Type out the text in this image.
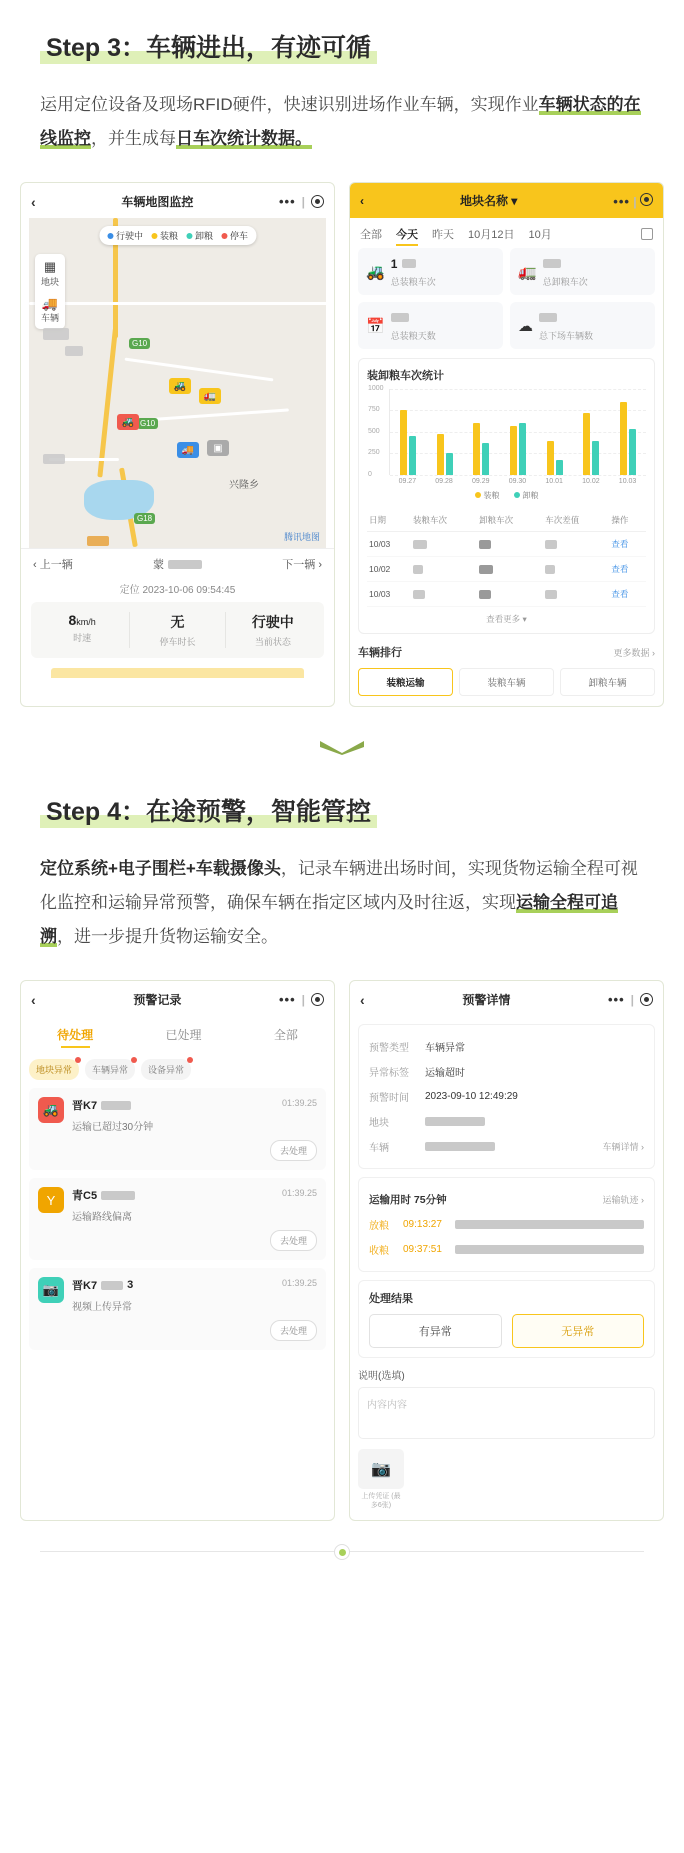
Step 3：车辆进出，有迹可循
运用定位设备及现场RFID硬件，快速识别进场作业车辆，实现作业车辆状态的在线监控，并生成每日车次统计数据。
‹	车辆地图监控	••• |
行驶中	装粮	卸粮	停车
▦
地块
🚚
车辆
G10
G10
G18
🚜
🚛
🚜
🚚	▣
兴隆乡
腾讯地图
‹ 上一辆	蒙	下一辆 ›
定位 2023-10-06 09:54:45
8km/h
时速
无
停车时长
行驶中
当前状态
‹	地块名称 ▾	••• |
全部 今天 昨天 10月12日 10月
🚜 1
总装粮车次
🚛
总卸粮车次
📅
总装粮天数
☁
总下场车辆数
装卸粮车次统计
1000
750
500
250
0
09.27	09.28	09.29	09.30	10.01	10.02	10.03
装粮	卸粮
日期	装粮车次	卸粮车次	车次差值	操作
10/03				查看
10/02				查看
10/03				查看
查看更多 ▾
车辆排行	更多数据 ›
装粮运输	装粮车辆	卸粮车辆
Step 4：在途预警，智能管控
定位系统+电子围栏+车载摄像头，记录车辆进出场时间，实现货物运输全程可视化监控和运输异常预警，确保车辆在指定区域内及时往返，实现运输全程可追溯，进一步提升货物运输安全。
‹	预警记录	••• |
待处理	已处理	全部
地块异常	车辆异常	设备异常
🚜	01:39.25
晋K7
运输已超过30分钟
去处理
Y	01:39.25
青C5
运输路线偏离
去处理
📷	01:39.25
晋K7	3
视频上传异常
去处理
‹	预警详情	••• |
预警类型	车辆异常
异常标签	运输超时
预警时间	2023-09-10 12:49:29
地块
车辆	车辆详情 ›
运输用时 75分钟	运输轨迹 ›
放粮	09:13:27
收粮	09:37:51
处理结果
有异常	无异常
说明(选填)
内容内容
📷
上传凭证 (最多6张)
